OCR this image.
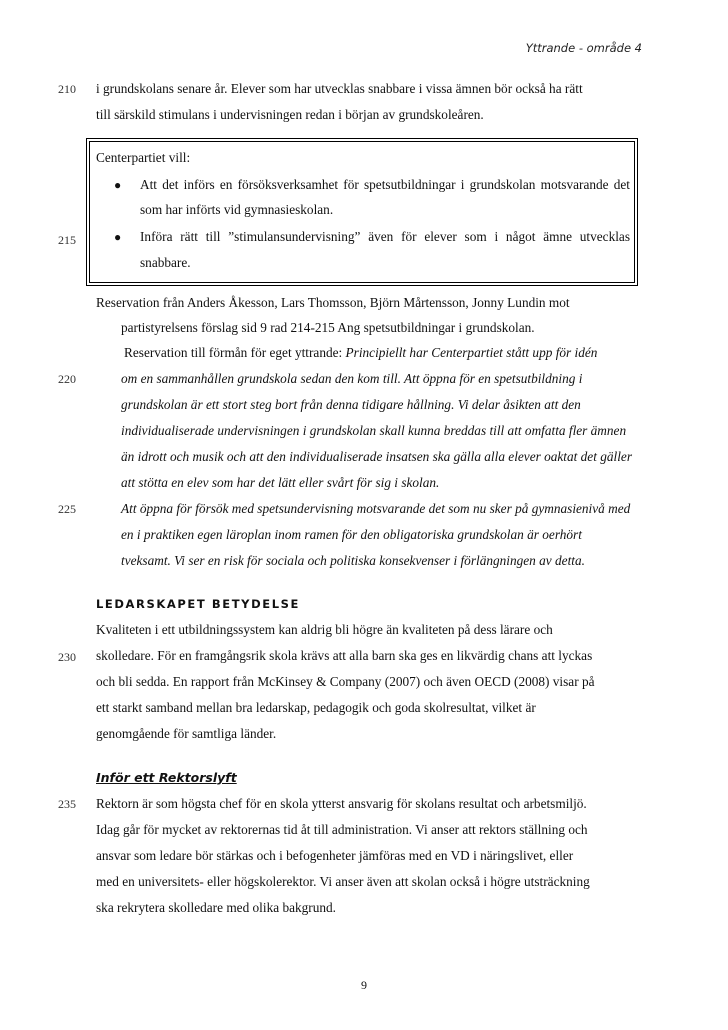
Yttrande - område 4
210
215
220
225
230
235
i grundskolans senare år. Elever som har utvecklas snabbare i vissa ämnen bör också ha rätt
till särskild stimulans i undervisningen redan i början av grundskoleåren.
Centerpartiet vill:
● Att det införs en försöksverksamhet för spetsutbildningar i grundskolan motsvarande det
som har införts vid gymnasieskolan.
● Införa rätt till ”stimulansundervisning” även för elever som i något ämne utvecklas
snabbare.
Reservation från Anders Åkesson, Lars Thomsson, Björn Mårtensson, Jonny Lundin mot
partistyrelsens förslag sid 9 rad 214-215 Ang spetsutbildningar i grundskolan.
Reservation till förmån för eget yttrande: Principiellt har Centerpartiet stått upp för idén
om en sammanhållen grundskola sedan den kom till. Att öppna för en spetsutbildning i
grundskolan är ett stort steg bort från denna tidigare hållning. Vi delar åsikten att den
individualiserade undervisningen i grundskolan skall kunna breddas till att omfatta fler ämnen
än idrott och musik och att den individualiserade insatsen ska gälla alla elever oaktat det gäller
att stötta en elev som har det lätt eller svårt för sig i skolan.
Att öppna för försök med spetsundervisning motsvarande det som nu sker på gymnasienivå med
en i praktiken egen läroplan inom ramen för den obligatoriska grundskolan är oerhört
tveksamt. Vi ser en risk för sociala och politiska konsekvenser i förlängningen av detta.
LEDARSKAPET BETYDELSE
Kvaliteten i ett utbildningssystem kan aldrig bli högre än kvaliteten på dess lärare och
skolledare. För en framgångsrik skola krävs att alla barn ska ges en likvärdig chans att lyckas
och bli sedda. En rapport från McKinsey & Company (2007) och även OECD (2008) visar på
ett starkt samband mellan bra ledarskap, pedagogik och goda skolresultat, vilket är
genomgående för samtliga länder.
Inför ett Rektorslyft
Rektorn är som högsta chef för en skola ytterst ansvarig för skolans resultat och arbetsmiljö.
Idag går för mycket av rektorernas tid åt till administration. Vi anser att rektors ställning och
ansvar som ledare bör stärkas och i befogenheter jämföras med en VD i näringslivet, eller
med en universitets- eller högskolerektor. Vi anser även att skolan också i högre utsträckning
ska rekrytera skolledare med olika bakgrund.
9
